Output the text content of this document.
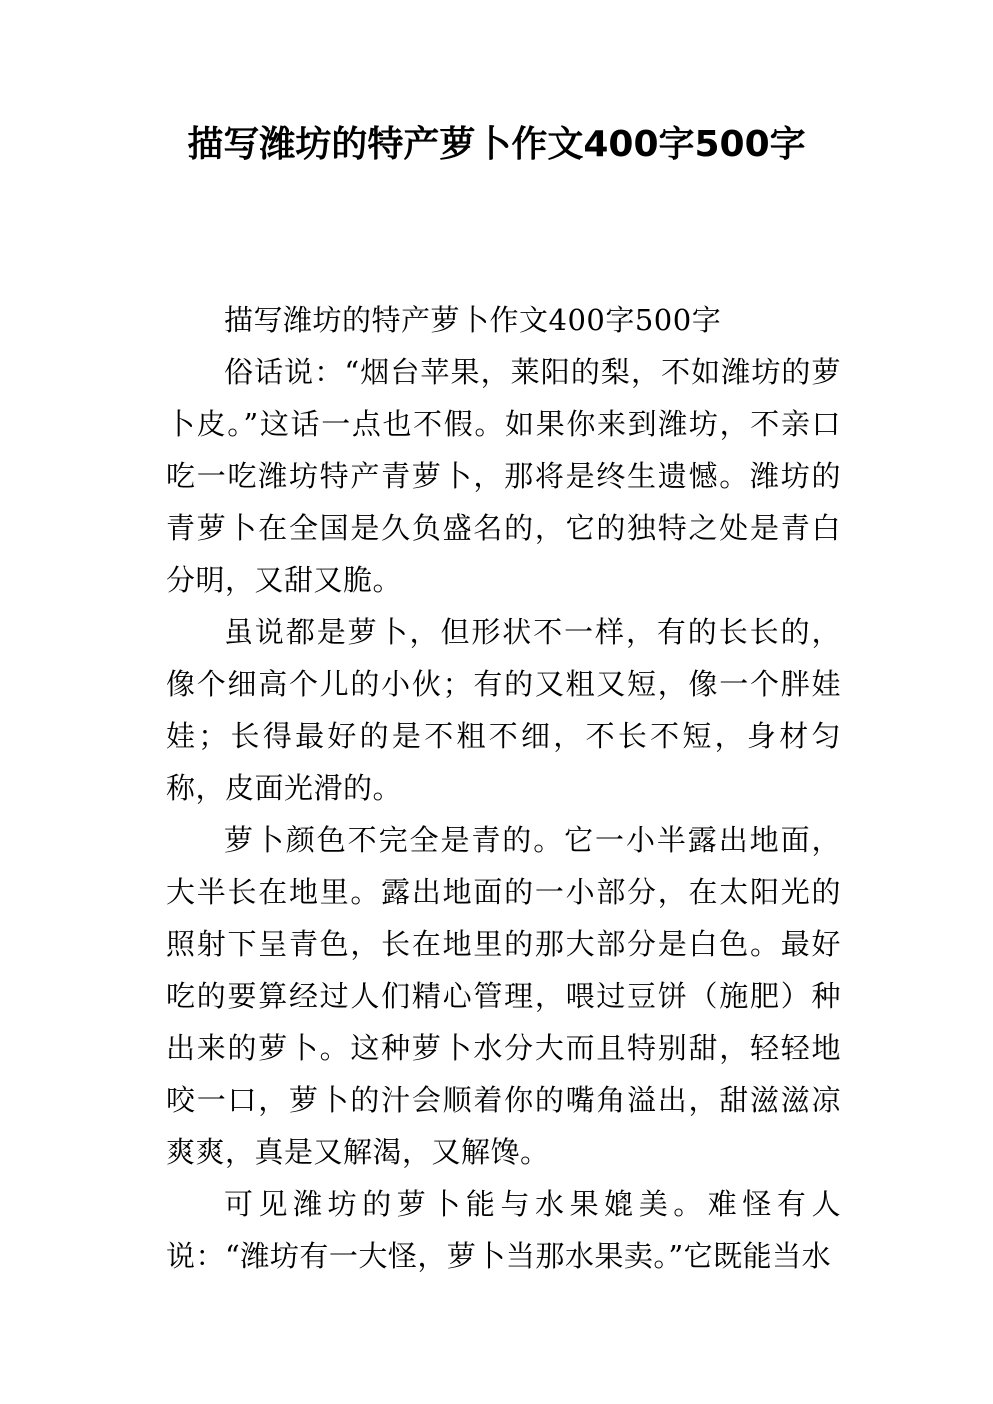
描写潍坊的特产萝卜作文400字500字

描写潍坊的特产萝卜作文400字500字

俗话说：“烟台苹果，莱阳的梨，不如潍坊的萝卜皮。”这话一点也不假。如果你来到潍坊，不亲口吃一吃潍坊特产青萝卜，那将是终生遗憾。潍坊的青萝卜在全国是久负盛名的，它的独特之处是青白分明，又甜又脆。

虽说都是萝卜，但形状不一样，有的长长的，像个细高个儿的小伙；有的又粗又短，像一个胖娃娃；长得最好的是不粗不细，不长不短，身材匀称，皮面光滑的。

萝卜颜色不完全是青的。它一小半露出地面，大半长在地里。露出地面的一小部分，在太阳光的照射下呈青色，长在地里的那大部分是白色。最好吃的要算经过人们精心管理，喂过豆饼（施肥）种出来的萝卜。这种萝卜水分大而且特别甜，轻轻地咬一口，萝卜的汁会顺着你的嘴角溢出，甜滋滋凉爽爽，真是又解渴，又解馋。

可见潍坊的萝卜能与水果媲美。难怪有人说：“潍坊有一大怪，萝卜当那水果卖。”它既能当水
